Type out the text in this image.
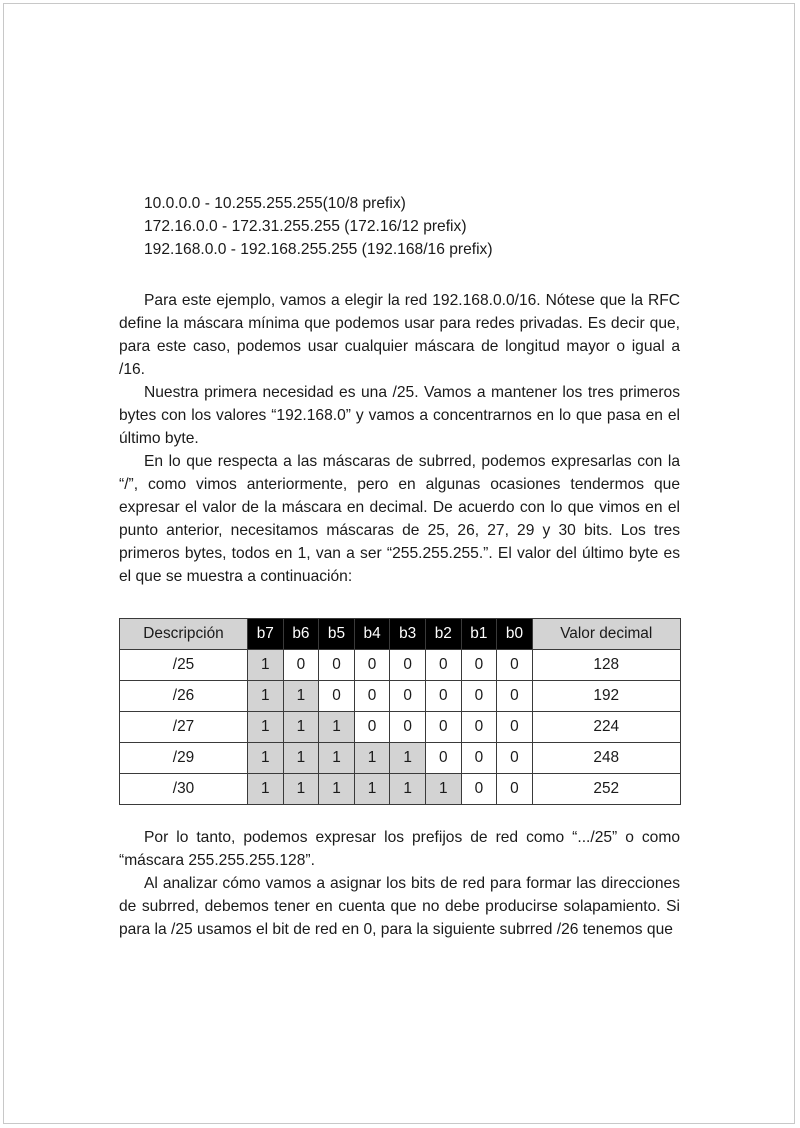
10.0.0.0 - 10.255.255.255(10/8 prefix)
172.16.0.0 - 172.31.255.255 (172.16/12 prefix)
192.168.0.0 - 192.168.255.255 (192.168/16 prefix)

Para este ejemplo, vamos a elegir la red 192.168.0.0/16. Nótese que la RFC define la máscara mínima que podemos usar para redes privadas. Es decir que, para este caso, podemos usar cualquier máscara de longitud mayor o igual a /16.

Nuestra primera necesidad es una /25. Vamos a mantener los tres primeros bytes con los valores “192.168.0” y vamos a concentrarnos en lo que pasa en el último byte.

En lo que respecta a las máscaras de subrred, podemos expresarlas con la “/”, como vimos anteriormente, pero en algunas ocasiones tendermos que expresar el valor de la máscara en decimal. De acuerdo con lo que vimos en el punto anterior, necesitamos máscaras de 25, 26, 27, 29 y 30 bits. Los tres primeros bytes, todos en 1, van a ser “255.255.255.”. El valor del último byte es el que se muestra a continuación:

Descripción	b7	b6	b5	b4	b3	b2	b1	b0	Valor decimal
/25	1	0	0	0	0	0	0	0	128
/26	1	1	0	0	0	0	0	0	192
/27	1	1	1	0	0	0	0	0	224
/29	1	1	1	1	1	0	0	0	248
/30	1	1	1	1	1	1	0	0	252

Por lo tanto, podemos expresar los prefijos de red como “.../25” o como “máscara 255.255.255.128”.

Al analizar cómo vamos a asignar los bits de red para formar las direcciones de subrred, debemos tener en cuenta que no debe producirse solapamiento. Si para la /25 usamos el bit de red en 0, para la siguiente subrred /26 tenemos que
